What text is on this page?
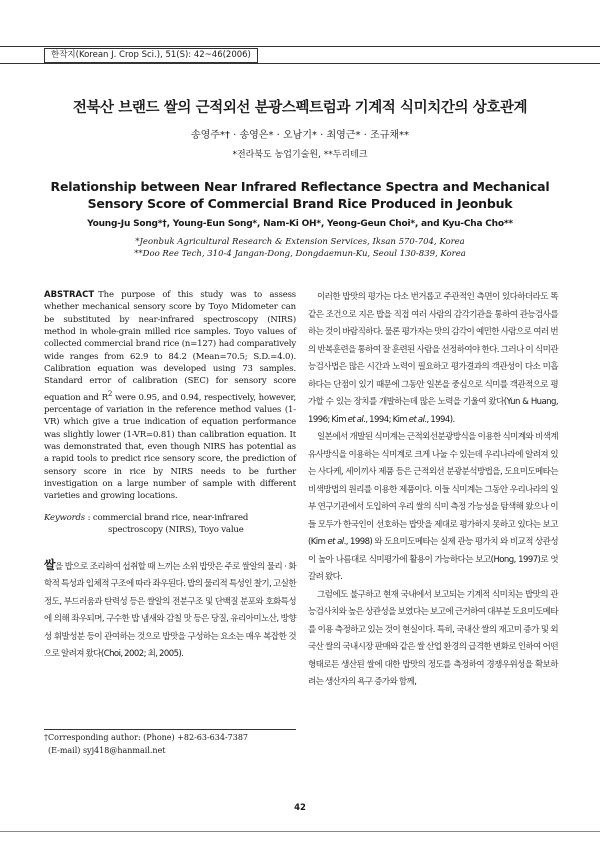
한작지(Korean J. Crop Sci.), 51(S): 42~46(2006)
전북산 브랜드 쌀의 근적외선 분광스펙트럼과 기계적 식미치간의 상호관계
송영주*† · 송영은* · 오남기* · 최영근* · 조규채**
*전라북도 농업기술원, **두리테크
Relationship between Near Infrared Reflectance Spectra and Mechanical Sensory Score of Commercial Brand Rice Produced in Jeonbuk
Young-Ju Song*†, Young-Eun Song*, Nam-Ki OH*, Yeong-Geun Choi*, and Kyu-Cha Cho**
*Jeonbuk Agricultural Research & Extension Services, Iksan 570-704, Korea
**Doo Ree Tech, 310-4 Jangan-Dong, Dongdaemun-Ku, Seoul 130-839, Korea

ABSTRACT The purpose of this study was to assess whether mechanical sensory score by Toyo Midometer can be substituted by near-infrared spectroscopy (NIRS) method in whole-grain milled rice samples. Toyo values of collected commercial brand rice (n=127) had comparatively wide ranges from 62.9 to 84.2 (Mean=70.5; S.D.=4.0). Calibration equation was developed using 73 samples. Standard error of calibration (SEC) for sensory score equation and $R^2$ were 0.95, and 0.94, respectively, however, percentage of variation in the reference method values (1-VR) which give a true indication of equation performance was slightly lower (1-VR=0.81) than calibration equation. It was demonstrated that, even though NIRS has potential as a rapid tools to predict rice sensory score, the prediction of sensory score in rice by NIRS needs to be further investigation on a large number of sample with different varieties and growing locations.

Keywords : commercial brand rice, near-infrared spectroscopy (NIRS), Toyo value

쌀을 밥으로 조리하여 섭취할 때 느끼는 소위 밥맛은 주로 쌀알의 물리 · 화학적 특성과 입체적 구조에 따라 좌우된다. 밥의 물리적 특성인 찰기, 고실한 정도, 부드러움과 탄력성 등은 쌀알의 전분구조 및 단백질 분포와 호화특성에 의해 좌우되며, 구수한 밥 냄새와 감칠 맛 등은 당질, 유리아미노산, 방향성 휘발성분 등이 관여하는 것으로 밥맛을 구성하는 요소는 매우 복잡한 것으로 알려져 왔다(Choi, 2002; 최, 2005).

†Corresponding author: (Phone) +82-63-634-7387
(E-mail) syj418@hanmail.net

이러한 밥맛의 평가는 다소 번거롭고 주관적인 측면이 있다하더라도 똑같은 조건으로 지은 밥을 직접 여러 사람의 감각기관을 통하여 관능검사를 하는 것이 바람직하다. 물론 평가자는 맛의 감각이 예민한 사람으로 여러 번의 반복훈련을 통하여 잘 훈련된 사람을 선정하여야 한다. 그러나 이 식미관능검사법은 많은 시간과 노력이 필요하고 평가결과의 객관성이 다소 미흡하다는 단점이 있기 때문에 그동안 일본을 중심으로 식미를 객관적으로 평가할 수 있는 장치를 개발하는데 많은 노력을 기울여 왔다(Yun & Huang, 1996; Kim et al., 1994; Kim et al., 1994).

일본에서 개발된 식미계는 근적외선분광방식을 이용한 식미계와 비색계 유사방식을 이용하는 식미계로 크게 나눌 수 있는데 우리나라에 알려져 있는 사다케, 세이끼사 제품 등은 근적외선 분광분석방법을, 도요미도메타는 비색방법의 원리를 이용한 제품이다. 이들 식미계는 그동안 우리나라의 일부 연구기관에서 도입하여 우리 쌀의 식미 측정 가능성을 탐색해 왔으나 이들 모두가 한국인이 선호하는 밥맛을 제대로 평가하지 못하고 있다는 보고(Kim et al., 1998) 와 도요미도메타는 실제 관능 평가치 와 비교적 상관성이 높아 나름대로 식미평가에 활용이 가능하다는 보고(Hong, 1997)로 엇갈려 왔다.

그럼에도 불구하고 현재 국내에서 보고되는 기계적 식미치는 밥맛의 관능검사치와 높은 상관성을 보였다는 보고에 근거하여 대부분 도요미도메타를 이용 측정하고 있는 것이 현실이다. 특히, 국내산 쌀의 재고미 증가 및 외국산 쌀의 국내시장 판매와 같은 쌀 산업 환경의 급격한 변화로 인하여 어떤 형태로든 생산된 쌀에 대한 밥맛의 정도를 측정하여 경쟁우위성을 확보하려는 생산자의 욕구 증가와 함께,

42
